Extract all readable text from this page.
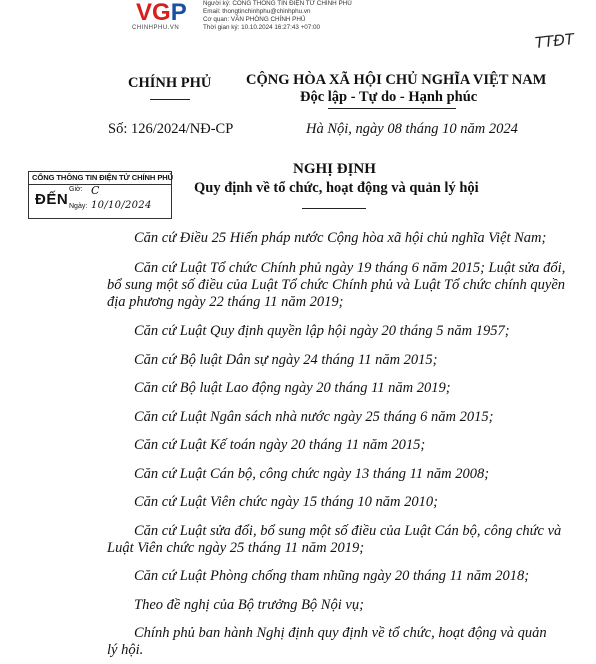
VG P
CHINHPHU.VN
Người ký: CÔNG THÔNG TIN ĐIỆN TỬ CHÍNH PHỦ
Email: thongtinchinhphu@chinhphu.vn
Cơ quan: VĂN PHÒNG CHÍNH PHỦ
Thời gian ký: 10.10.2024 16:27:43 +07:00
TTĐT
CHÍNH PHỦ CỘNG HÒA XÃ HỘI CHỦ NGHĨA VIỆT NAM
Độc lập - Tự do - Hạnh phúc
Số: 126/2024/NĐ-CP	Hà Nội, ngày 08 tháng 10 năm 2024
CỔNG THÔNG TIN ĐIỆN TỬ CHÍNH PHỦ
ĐẾN
Giờ: C
Ngày: 10/10/2024
NGHỊ ĐỊNH
Quy định về tổ chức, hoạt động và quản lý hội

Căn cứ Điều 25 Hiến pháp nước Cộng hòa xã hội chủ nghĩa Việt Nam;

Căn cứ Luật Tổ chức Chính phủ ngày 19 tháng 6 năm 2015; Luật sửa đổi,

bổ sung một số điều của Luật Tổ chức Chính phủ và Luật Tổ chức chính quyền

địa phương ngày 22 tháng 11 năm 2019;

Căn cứ Luật Quy định quyền lập hội ngày 20 tháng 5 năm 1957;

Căn cứ Bộ luật Dân sự ngày 24 tháng 11 năm 2015;

Căn cứ Bộ luật Lao động ngày 20 tháng 11 năm 2019;

Căn cứ Luật Ngân sách nhà nước ngày 25 tháng 6 năm 2015;

Căn cứ Luật Kế toán ngày 20 tháng 11 năm 2015;

Căn cứ Luật Cán bộ, công chức ngày 13 tháng 11 năm 2008;

Căn cứ Luật Viên chức ngày 15 tháng 10 năm 2010;

Căn cứ Luật sửa đổi, bổ sung một số điều của Luật Cán bộ, công chức và

Luật Viên chức ngày 25 tháng 11 năm 2019;

Căn cứ Luật Phòng chống tham nhũng ngày 20 tháng 11 năm 2018;

Theo đề nghị của Bộ trưởng Bộ Nội vụ;

Chính phủ ban hành Nghị định quy định về tổ chức, hoạt động và quản

lý hội.
